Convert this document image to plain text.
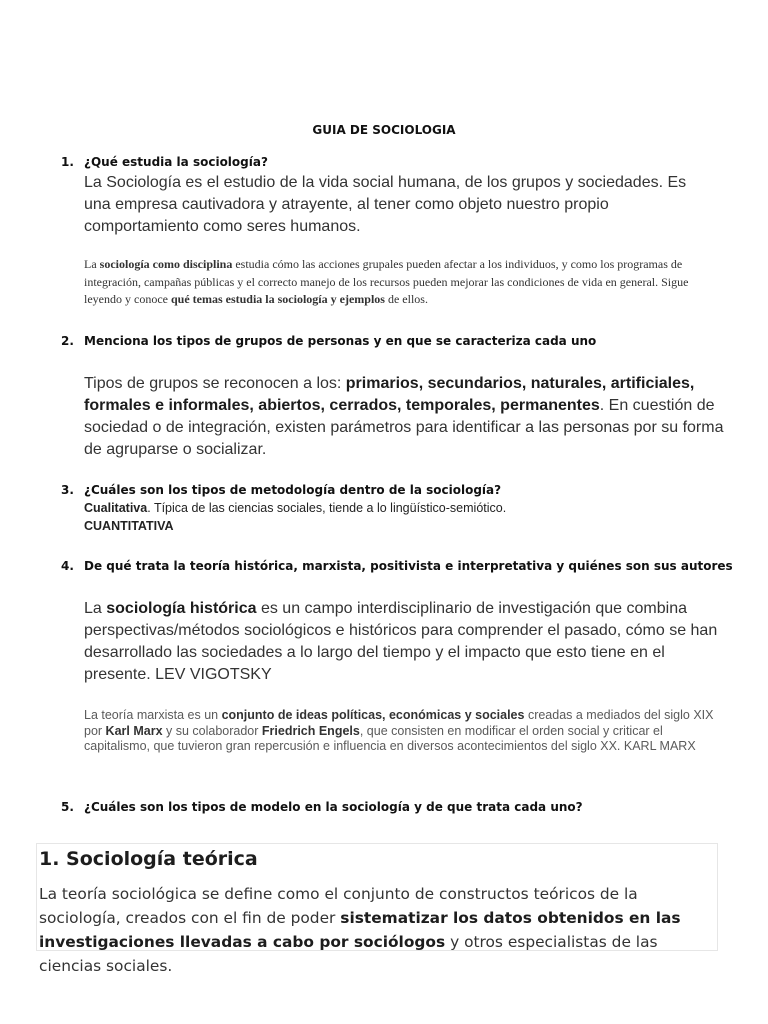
GUIA DE SOCIOLOGIA
1. ¿Qué estudia la sociología?
La Sociología es el estudio de la vida social humana, de los grupos y sociedades. Es una empresa cautivadora y atrayente, al tener como objeto nuestro propio comportamiento como seres humanos.
La sociología como disciplina estudia cómo las acciones grupales pueden afectar a los individuos, y como los programas de integración, campañas públicas y el correcto manejo de los recursos pueden mejorar las condiciones de vida en general. Sigue leyendo y conoce qué temas estudia la sociología y ejemplos de ellos.
2. Menciona los tipos de grupos de personas y en que se caracteriza cada uno
Tipos de grupos se reconocen a los: primarios, secundarios, naturales, artificiales, formales e informales, abiertos, cerrados, temporales, permanentes. En cuestión de sociedad o de integración, existen parámetros para identificar a las personas por su forma de agruparse o socializar.
3. ¿Cuáles son los tipos de metodología dentro de la sociología?
Cualitativa. Típica de las ciencias sociales, tiende a lo lingüístico-semiótico.
CUANTITATIVA
4. De qué trata la teoría histórica, marxista, positivista e interpretativa y quiénes son sus autores
La sociología histórica es un campo interdisciplinario de investigación que combina perspectivas/métodos sociológicos e históricos para comprender el pasado, cómo se han desarrollado las sociedades a lo largo del tiempo y el impacto que esto tiene en el presente. LEV VIGOTSKY
La teoría marxista es un conjunto de ideas políticas, económicas y sociales creadas a mediados del siglo XIX por Karl Marx y su colaborador Friedrich Engels, que consisten en modificar el orden social y criticar el capitalismo, que tuvieron gran repercusión e influencia en diversos acontecimientos del siglo XX. KARL MARX
5. ¿Cuáles son los tipos de modelo en la sociología y de que trata cada uno?
1. Sociología teórica

La teoría sociológica se define como el conjunto de constructos teóricos de la sociología, creados con el fin de poder sistematizar los datos obtenidos en las investigaciones llevadas a cabo por sociólogos y otros especialistas de las ciencias sociales.
